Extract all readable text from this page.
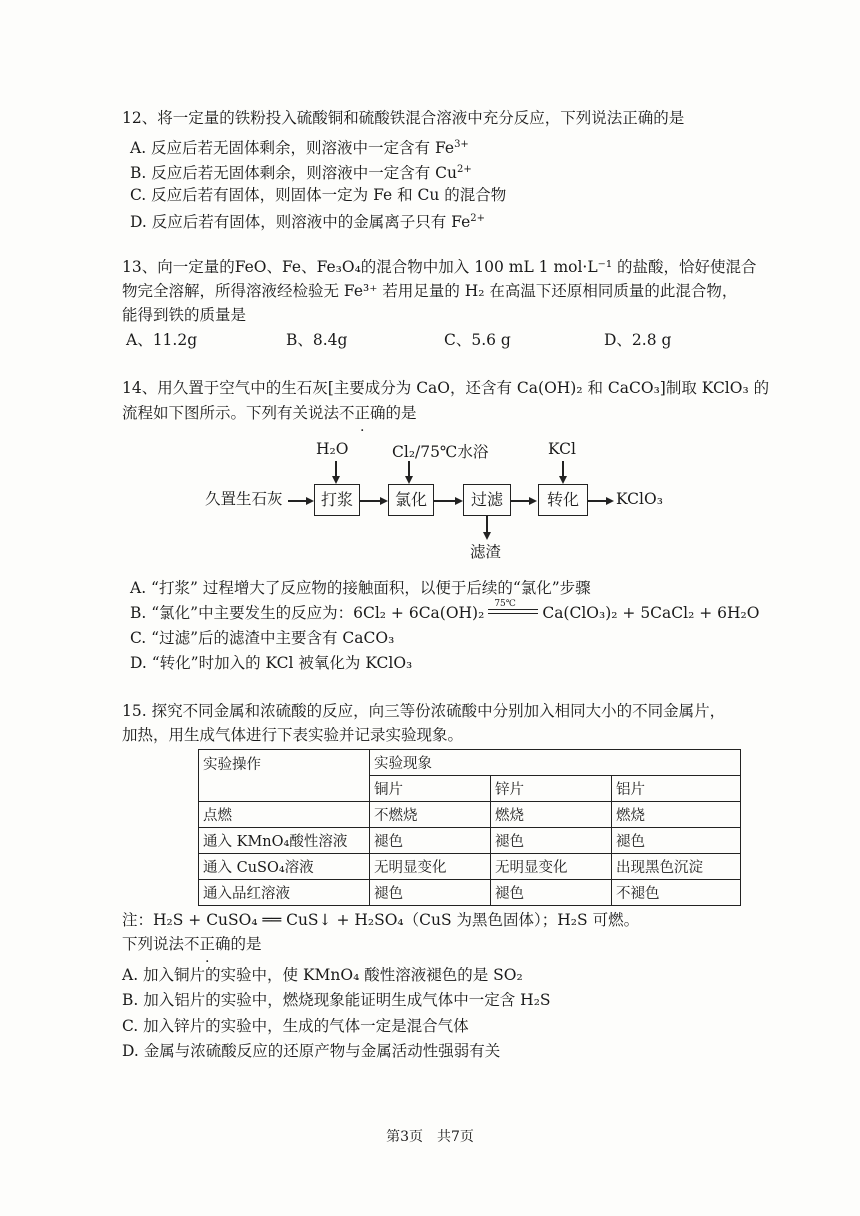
12、将一定量的铁粉投入硫酸铜和硫酸铁混合溶液中充分反应，下列说法正确的是
A. 反应后若无固体剩余，则溶液中一定含有 $Fe^{3+}$
B. 反应后若无固体剩余，则溶液中一定含有 $Cu^{2+}$
C. 反应后若有固体，则固体一定为 Fe 和 Cu 的混合物
D. 反应后若有固体，则溶液中的金属离子只有 $Fe^{2+}$
13、向一定量的FeO、Fe、Fe₃O₄的混合物中加入 100 mL 1 mol·L⁻¹ 的盐酸，恰好使混合
物完全溶解，所得溶液经检验无 Fe³⁺ 若用足量的 H₂ 在高温下还原相同质量的此混合物，
能得到铁的质量是
A、11.2g	B、8.4g	C、5.6 g	D、2.8 g
14、用久置于空气中的生石灰[主要成分为 CaO，还含有 Ca(OH)₂ 和 CaCO₃]制取 KClO₃ 的
流程如下图所示。下列有关说法不正确的是
久置生石灰
H₂O
打浆
Cl₂/75℃水浴
氯化	过滤
滤渣
KCl
转化	KClO₃
A. “打浆” 过程增大了反应物的接触面积，以便于后续的“氯化”步骤
B. “氯化”中主要发生的反应为：6Cl₂ + 6Ca(OH)₂ 75℃ Ca(ClO₃)₂ + 5CaCl₂ + 6H₂O
C. “过滤”后的滤渣中主要含有 CaCO₃
D. “转化”时加入的 KCl 被氧化为 KClO₃
15. 探究不同金属和浓硫酸的反应，向三等份浓硫酸中分别加入相同大小的不同金属片，
加热，用生成气体进行下表实验并记录实验现象。
实验操作	实验现象		
	铜片	锌片	铝片
点燃	不燃烧	燃烧	燃烧
通入 KMnO₄酸性溶液	褪色	褪色	褪色
通入 CuSO₄溶液	无明显变化	无明显变化	出现黑色沉淀
通入品红溶液	褪色	褪色	不褪色
注：H₂S + CuSO₄ ══ CuS↓ + H₂SO₄（CuS 为黑色固体）；H₂S 可燃。
下列说法不正确的是
A. 加入铜片的实验中，使 KMnO₄ 酸性溶液褪色的是 SO₂
B. 加入铝片的实验中，燃烧现象能证明生成气体中一定含 H₂S
C. 加入锌片的实验中，生成的气体一定是混合气体
D. 金属与浓硫酸反应的还原产物与金属活动性强弱有关
第3页　共7页
